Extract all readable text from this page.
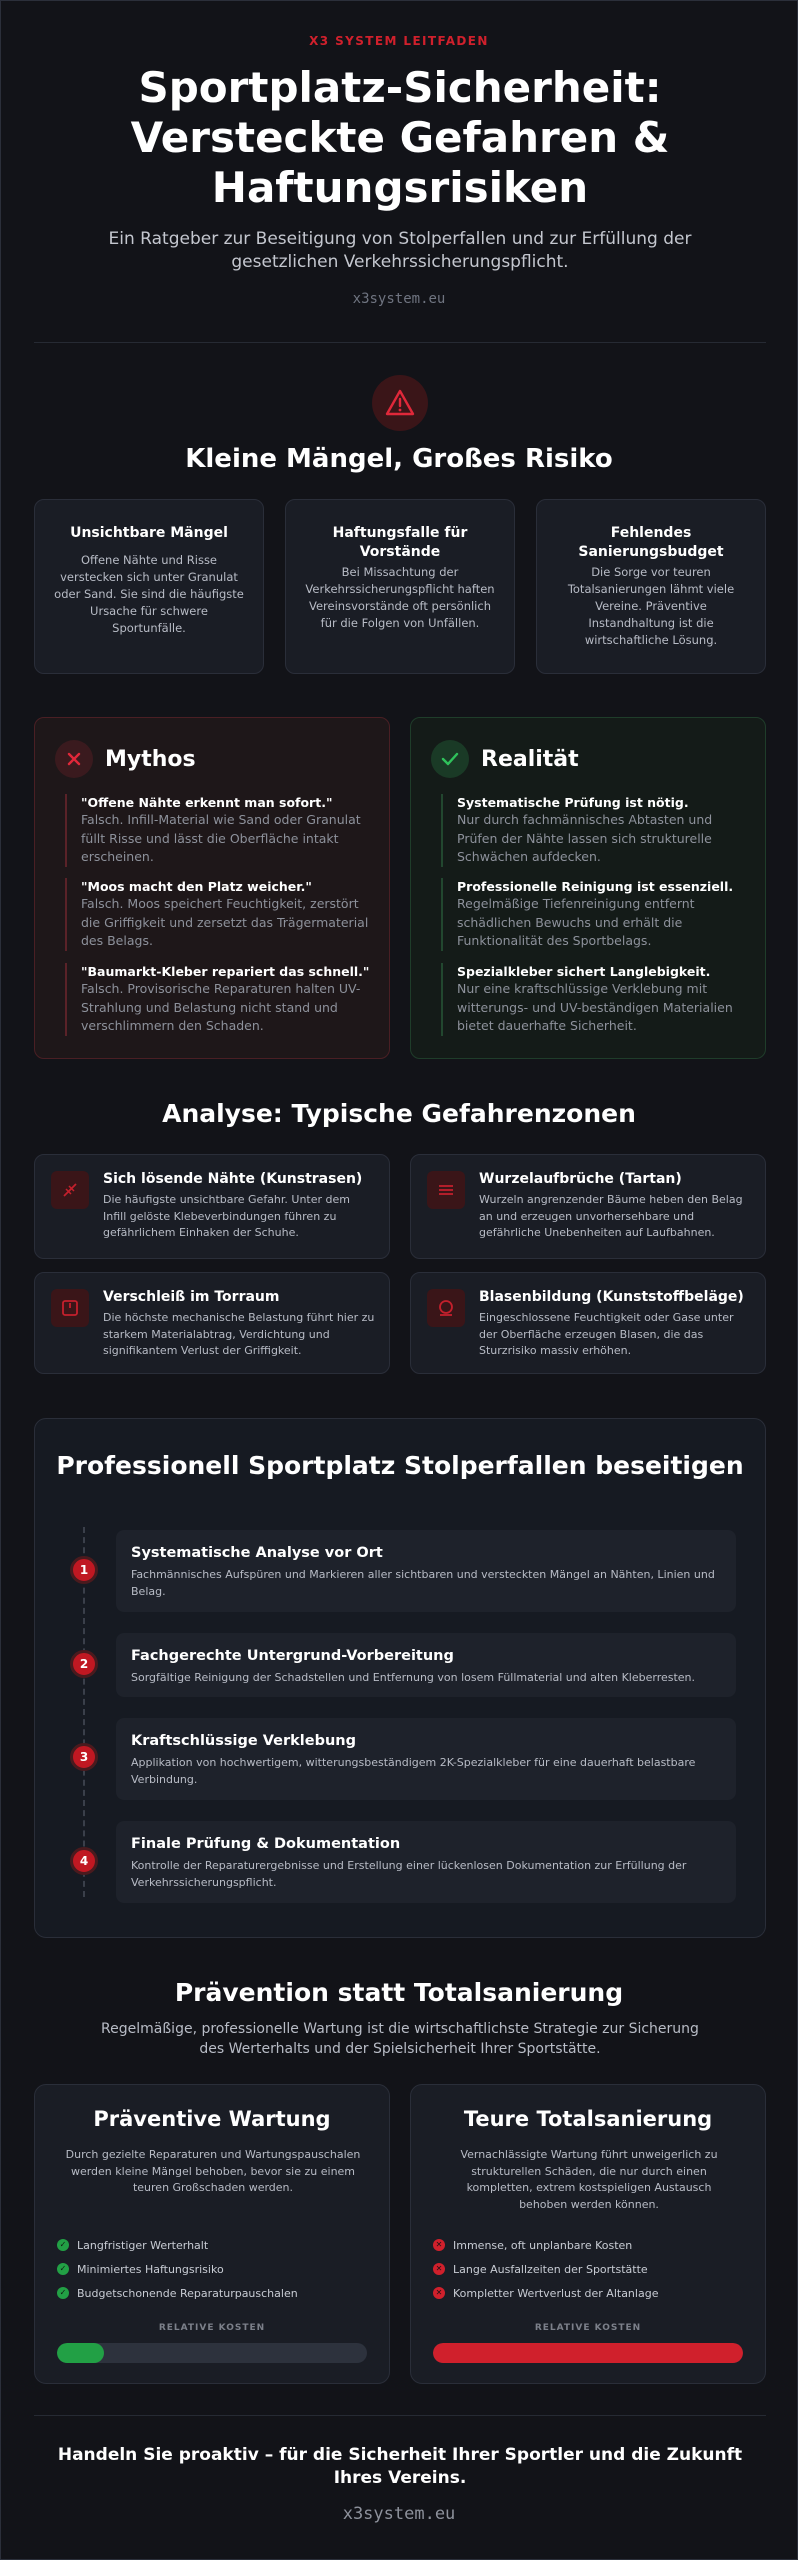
X3 SYSTEM LEITFADEN
Sportplatz-Sicherheit: Versteckte Gefahren & Haftungsrisiken

Ein Ratgeber zur Beseitigung von Stolperfallen und zur Erfüllung der gesetzlichen Verkehrssicherungspflicht.

x3system.eu
Kleine Mängel, Großes Risiko
Unsichtbare Mängel

Offene Nähte und Risse verstecken sich unter Granulat oder Sand. Sie sind die häufigste Ursache für schwere Sportunfälle.

Haftungsfalle für Vorstände

Bei Missachtung der Verkehrssicherungspflicht haften Vereinsvorstände oft persönlich für die Folgen von Unfällen.

Fehlendes Sanierungsbudget

Die Sorge vor teuren Totalsanierungen lähmt viele Vereine. Präventive Instandhaltung ist die wirtschaftliche Lösung.

Mythos
"Offene Nähte erkennt man sofort."
Falsch. Infill-Material wie Sand oder Granulat füllt Risse und lässt die Oberfläche intakt erscheinen.
"Moos macht den Platz weicher."
Falsch. Moos speichert Feuchtigkeit, zerstört die Griffigkeit und zersetzt das Trägermaterial des Belags.
"Baumarkt-Kleber repariert das schnell."
Falsch. Provisorische Reparaturen halten UV-Strahlung und Belastung nicht stand und verschlimmern den Schaden.
Realität
Systematische Prüfung ist nötig.
Nur durch fachmännisches Abtasten und Prüfen der Nähte lassen sich strukturelle Schwächen aufdecken.
Professionelle Reinigung ist essenziell.
Regelmäßige Tiefenreinigung entfernt schädlichen Bewuchs und erhält die Funktionalität des Sportbelags.
Spezialkleber sichert Langlebigkeit.
Nur eine kraftschlüssige Verklebung mit witterungs- und UV-beständigen Materialien bietet dauerhafte Sicherheit.
Analyse: Typische Gefahrenzonen
Sich lösende Nähte (Kunstrasen)
Die häufigste unsichtbare Gefahr. Unter dem Infill gelöste Klebeverbindungen führen zu gefährlichem Einhaken der Schuhe.
Wurzelaufbrüche (Tartan)
Wurzeln angrenzender Bäume heben den Belag an und erzeugen unvorhersehbare und gefährliche Unebenheiten auf Laufbahnen.
Verschleiß im Torraum
Die höchste mechanische Belastung führt hier zu starkem Materialabtrag, Verdichtung und signifikantem Verlust der Griffigkeit.
Blasenbildung (Kunststoffbeläge)
Eingeschlossene Feuchtigkeit oder Gase unter der Oberfläche erzeugen Blasen, die das Sturzrisiko massiv erhöhen.
Professionell Sportplatz Stolperfallen beseitigen
1
Systematische Analyse vor Ort
Fachmännisches Aufspüren und Markieren aller sichtbaren und versteckten Mängel an Nähten, Linien und Belag.
2	Fachgerechte Untergrund-Vorbereitung
Sorgfältige Reinigung der Schadstellen und Entfernung von losem Füllmaterial und alten Kleberresten.
3
Kraftschlüssige Verklebung
Applikation von hochwertigem, witterungsbeständigem 2K-Spezialkleber für eine dauerhaft belastbare Verbindung.
4
Finale Prüfung & Dokumentation
Kontrolle der Reparaturergebnisse und Erstellung einer lückenlosen Dokumentation zur Erfüllung der Verkehrssicherungspflicht.
Prävention statt Totalsanierung

Regelmäßige, professionelle Wartung ist die wirtschaftlichste Strategie zur Sicherung des Werterhalts und der Spielsicherheit Ihrer Sportstätte.

Präventive Wartung
Durch gezielte Reparaturen und Wartungspauschalen werden kleine Mängel behoben, bevor sie zu einem teuren Großschaden werden.
✓ Langfristiger Werterhalt
✓ Minimiertes Haftungsrisiko
✓ Budgetschonende Reparaturpauschalen
RELATIVE KOSTEN
Teure Totalsanierung
Vernachlässigte Wartung führt unweigerlich zu strukturellen Schäden, die nur durch einen kompletten, extrem kostspieligen Austausch behoben werden können.
✕ Immense, oft unplanbare Kosten
✕ Lange Ausfallzeiten der Sportstätte
✕ Kompletter Wertverlust der Altanlage
RELATIVE KOSTEN
Handeln Sie proaktiv – für die Sicherheit Ihrer Sportler und die Zukunft Ihres Vereins.
x3system.eu
